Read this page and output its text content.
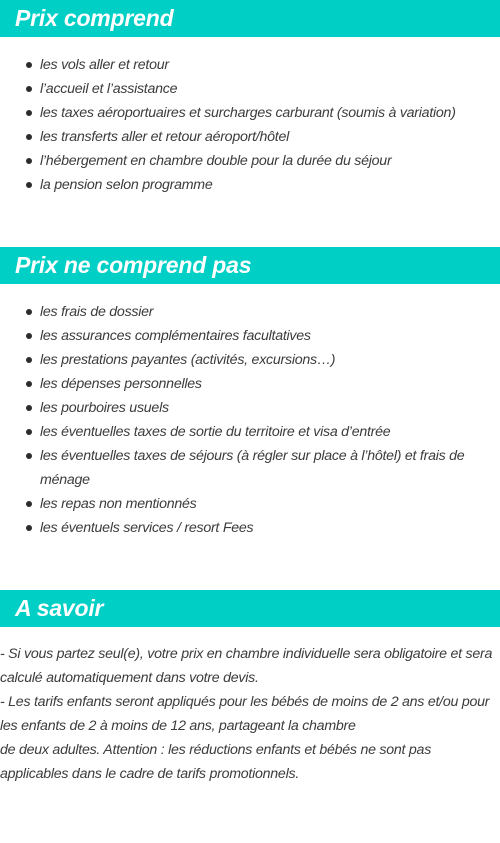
Prix comprend
les vols aller et retour
l’accueil et l’assistance
les taxes aéroportuaires et surcharges carburant (soumis à variation)
les transferts aller et retour aéroport/hôtel
l’hébergement en chambre double pour la durée du séjour
la pension selon programme
Prix ne comprend pas
les frais de dossier
les assurances complémentaires facultatives
les prestations payantes (activités, excursions…)
les dépenses personnelles
les pourboires usuels
les éventuelles taxes de sortie du territoire et visa d’entrée
les éventuelles taxes de séjours (à régler sur place à l’hôtel) et frais de ménage
les repas non mentionnés
les éventuels services / resort Fees
A savoir

- Si vous partez seul(e), votre prix en chambre individuelle sera obligatoire et sera calculé automatiquement dans votre devis.

- Les tarifs enfants seront appliqués pour les bébés de moins de 2 ans et/ou pour les enfants de 2 à moins de 12 ans, partageant la chambre

de deux adultes. Attention : les réductions enfants et bébés ne sont pas applicables dans le cadre de tarifs promotionnels.
